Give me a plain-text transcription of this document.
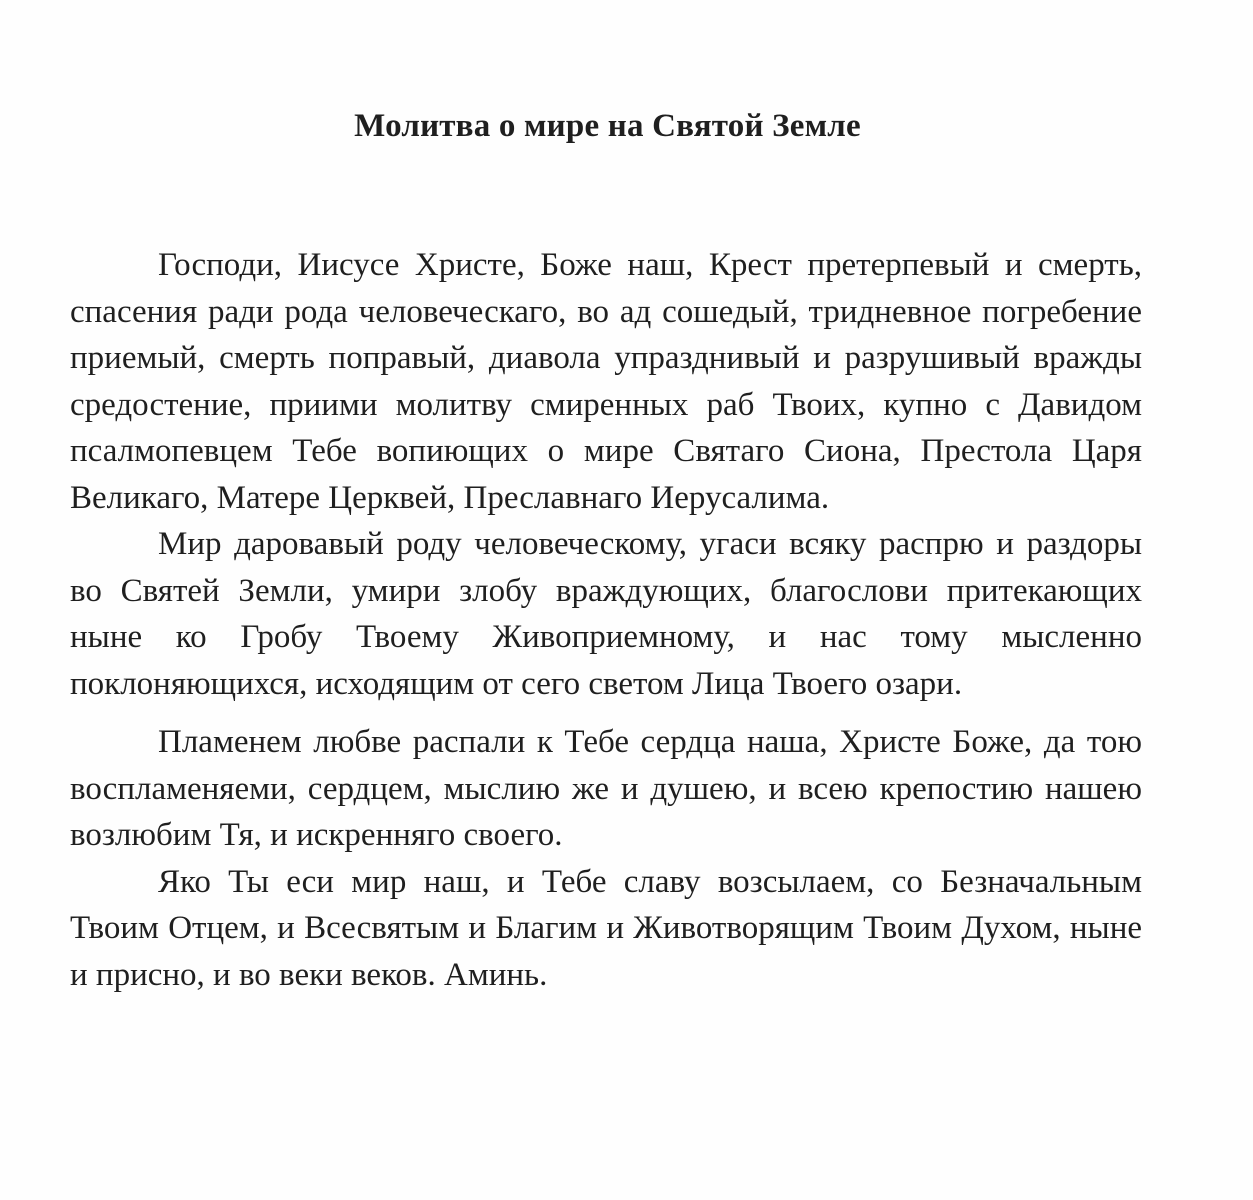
Молитва о мире на Святой Земле

Господи, Иисусе Христе, Боже наш, Крест претерпевый и смерть, спасения ради рода человеческаго, во ад сошедый, тридневное погребение приемый, смерть поправый, диавола упразднивый и разрушивый вражды средостение, приими молитву смиренных раб Твоих, купно с Давидом псалмопевцем Тебе вопиющих о мире Святаго Сиона, Престола Царя Великаго, Матере Церквей, Преславнаго Иерусалима.

Мир даровавый роду человеческому, угаси всяку распрю и раздоры во Святей Земли, умири злобу враждующих, благослови притекающих ныне ко Гробу Твоему Живоприемному, и нас тому мысленно поклоняющихся, исходящим от сего светом Лица Твоего озари.

Пламенем любве распали к Тебе сердца наша, Христе Боже, да тою воспламеняеми, сердцем, мыслию же и душею, и всею крепостию нашею возлюбим Тя, и искренняго своего.

Яко Ты еси мир наш, и Тебе славу возсылаем, со Безначальным Твоим Отцем, и Всесвятым и Благим и Животворящим Твоим Духом, ныне и присно, и во веки веков. Аминь.
